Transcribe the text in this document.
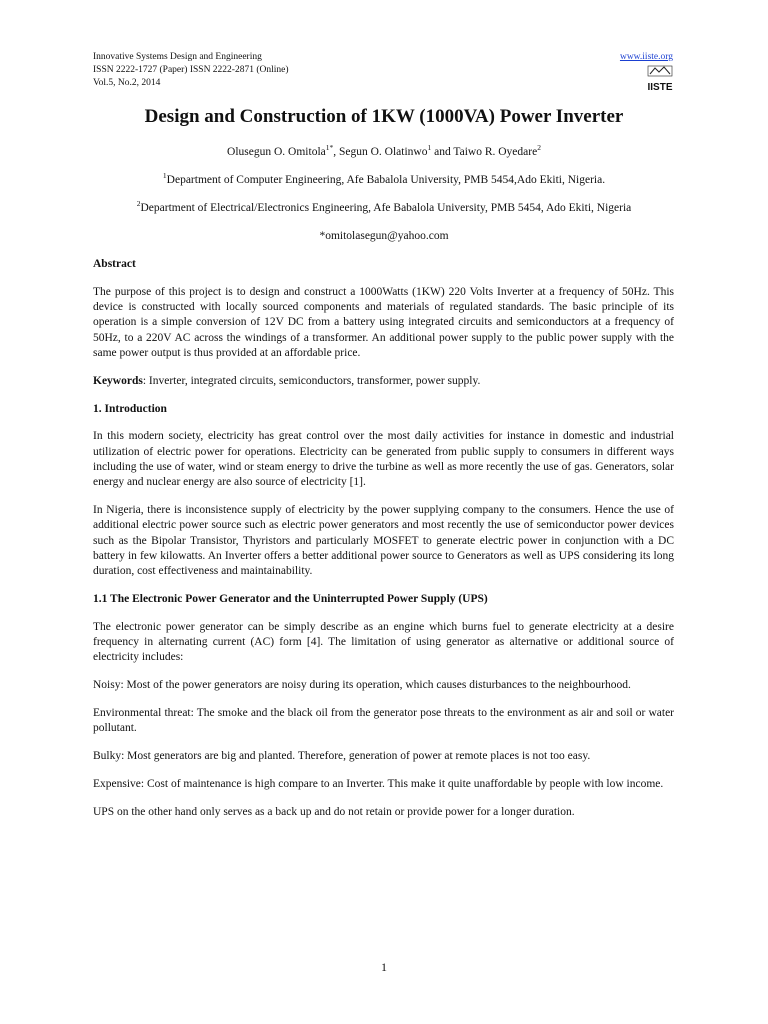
Innovative Systems Design and Engineering
ISSN 2222-1727 (Paper) ISSN 2222-2871 (Online)
Vol.5, No.2, 2014
www.iiste.org
IISTE
Design and Construction of 1KW (1000VA) Power Inverter
Olusegun O. Omitola$^{1*}$, Segun O. Olatinwo$^1$ and Taiwo R. Oyedare$^2$
$^1$Department of Computer Engineering, Afe Babalola University, PMB 5454,Ado Ekiti, Nigeria.
$^2$Department of Electrical/Electronics Engineering, Afe Babalola University, PMB 5454, Ado Ekiti, Nigeria
*omitolasegun@yahoo.com
Abstract

The purpose of this project is to design and construct a 1000Watts (1KW) 220 Volts Inverter at a frequency of 50Hz. This device is constructed with locally sourced components and materials of regulated standards. The basic principle of its operation is a simple conversion of 12V DC from a battery using integrated circuits and semiconductors at a frequency of 50Hz, to a 220V AC across the windings of a transformer. An additional power supply to the public power supply with the same power output is thus provided at an affordable price.

Keywords: Inverter, integrated circuits, semiconductors, transformer, power supply.

1. Introduction

In this modern society, electricity has great control over the most daily activities for instance in domestic and industrial utilization of electric power for operations. Electricity can be generated from public supply to consumers in different ways including the use of water, wind or steam energy to drive the turbine as well as more recently the use of gas. Generators, solar energy and nuclear energy are also source of electricity [1].

In Nigeria, there is inconsistence supply of electricity by the power supplying company to the consumers. Hence the use of additional electric power source such as electric power generators and most recently the use of semiconductor power devices such as the Bipolar Transistor, Thyristors and particularly MOSFET to generate electric power in conjunction with a DC battery in few kilowatts. An Inverter offers a better additional power source to Generators as well as UPS considering its long duration, cost effectiveness and maintainability.

1.1 The Electronic Power Generator and the Uninterrupted Power Supply (UPS)

The electronic power generator can be simply describe as an engine which burns fuel to generate electricity at a desire frequency in alternating current (AC) form [4]. The limitation of using generator as alternative or additional source of electricity includes:

Noisy: Most of the power generators are noisy during its operation, which causes disturbances to the neighbourhood.

Environmental threat: The smoke and the black oil from the generator pose threats to the environment as air and soil or water pollutant.

Bulky: Most generators are big and planted. Therefore, generation of power at remote places is not too easy.

Expensive: Cost of maintenance is high compare to an Inverter. This make it quite unaffordable by people with low income.

UPS on the other hand only serves as a back up and do not retain or provide power for a longer duration.

1
